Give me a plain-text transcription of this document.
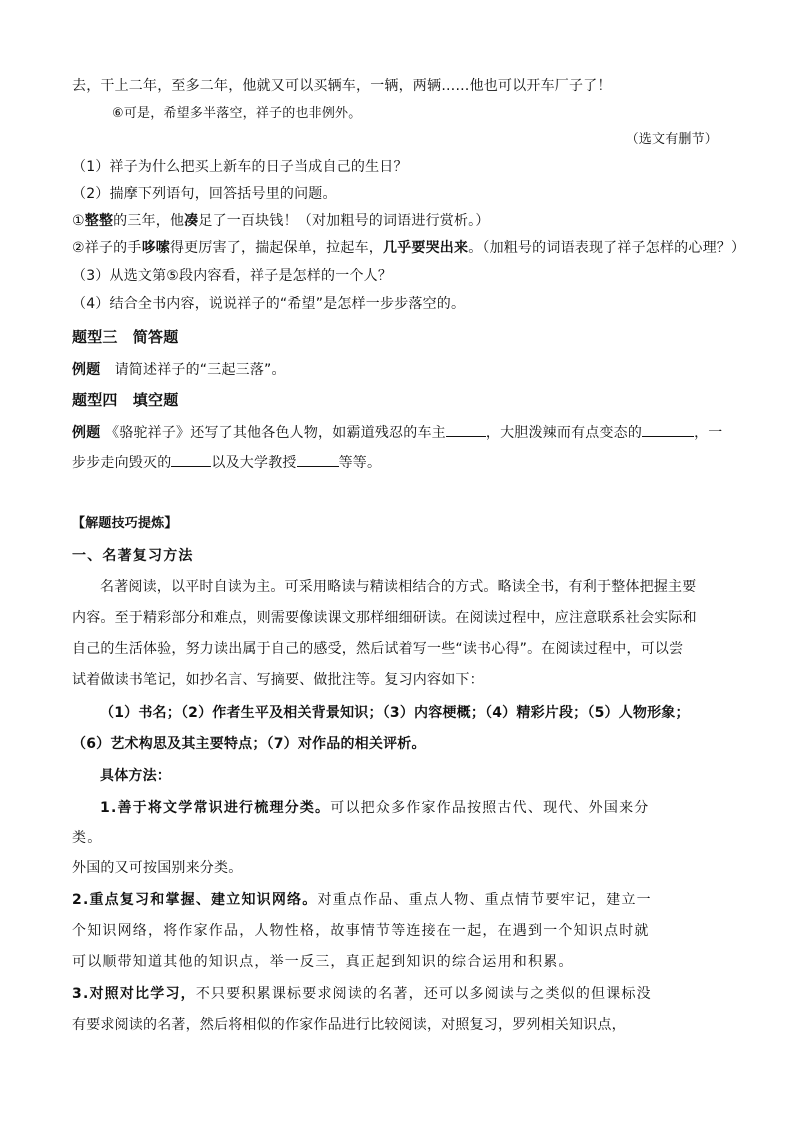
去，干上二年，至多二年，他就又可以买辆车，一辆，两辆……他也可以开车厂子了！
⑥可是，希望多半落空，祥子的也非例外。
（选文有删节）
（1）祥子为什么把买上新车的日子当成自己的生日？
（2）揣摩下列语句，回答括号里的问题。
①整整的三年，他凑足了一百块钱！（对加粗号的词语进行赏析。）
②祥子的手哆嗦得更厉害了，揣起保单，拉起车，几乎要哭出来。（加粗号的词语表现了祥子怎样的心理？）
（3）从选文第⑤段内容看，祥子是怎样的一个人？
（4）结合全书内容，说说祥子的“希望”是怎样一步步落空的。
题型三　简答题
例题　请简述祥子的“三起三落”。
题型四　填空题
例题 《骆驼祥子》还写了其他各色人物，如霸道残忍的车主	，大胆泼辣而有点变态的	，一
步步走向毁灭的	以及大学教授	等等。
【解题技巧提炼】
一、名著复习方法
名著阅读，以平时自读为主。可采用略读与精读相结合的方式。略读全书，有利于整体把握主要
内容。至于精彩部分和难点，则需要像读课文那样细细研读。在阅读过程中，应注意联系社会实际和
自己的生活体验，努力读出属于自己的感受，然后试着写一些“读书心得”。在阅读过程中，可以尝
试着做读书笔记，如抄名言、写摘要、做批注等。复习内容如下：
（1）书名；（2）作者生平及相关背景知识；（3）内容梗概；（4）精彩片段；（5）人物形象；
（6）艺术构思及其主要特点；（7）对作品的相关评析。
具体方法：
1.善于将文学常识进行梳理分类。可以把众多作家作品按照古代、现代、外国来分
类。
外国的又可按国别来分类。
2.重点复习和掌握、建立知识网络。对重点作品、重点人物、重点情节要牢记，建立一
个知识网络，将作家作品，人物性格，故事情节等连接在一起，在遇到一个知识点时就
可以顺带知道其他的知识点，举一反三，真正起到知识的综合运用和积累。
3.对照对比学习，不只要积累课标要求阅读的名著，还可以多阅读与之类似的但课标没
有要求阅读的名著，然后将相似的作家作品进行比较阅读，对照复习，罗列相关知识点，
